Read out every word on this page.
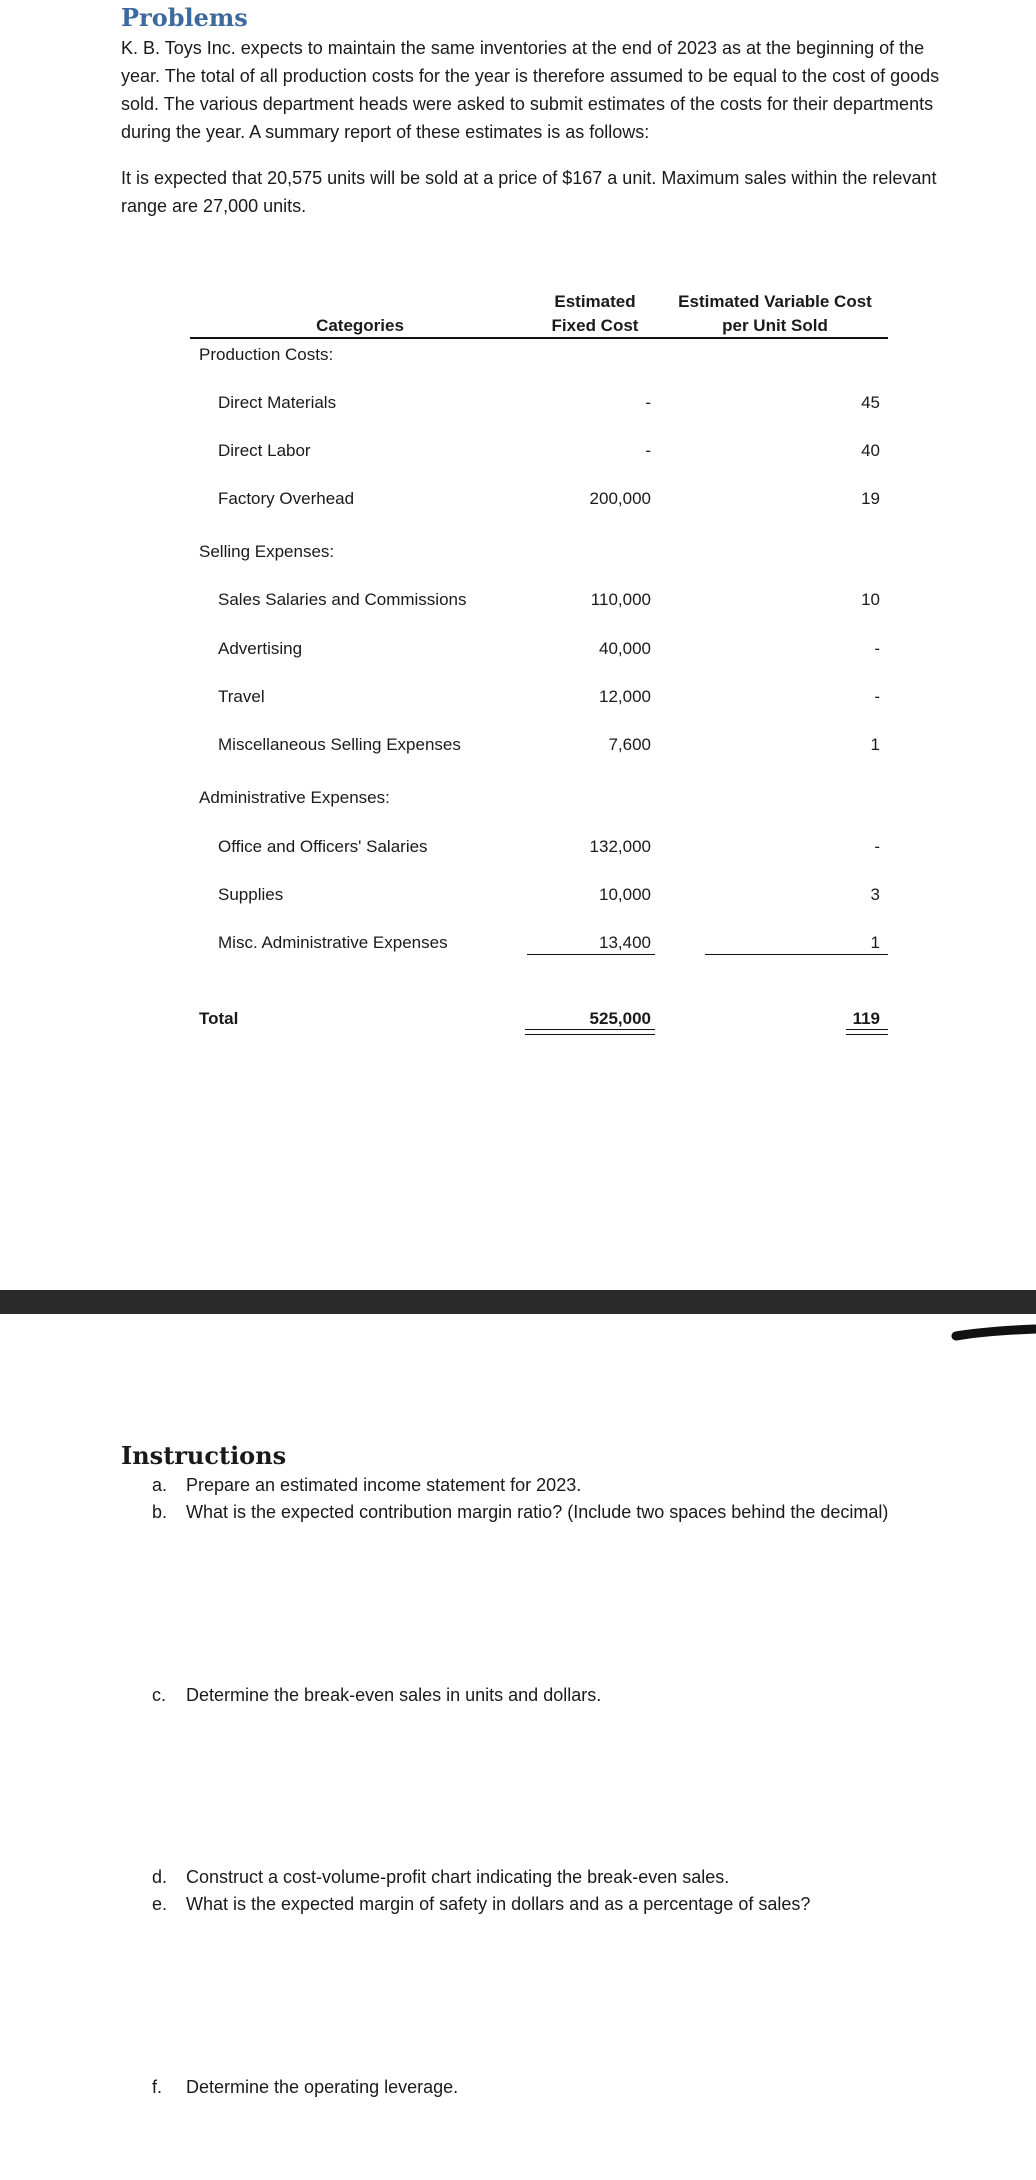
Problems

K. B. Toys Inc. expects to maintain the same inventories at the end of 2023 as at the beginning of the year. The total of all production costs for the year is therefore assumed to be equal to the cost of goods sold. The various department heads were asked to submit estimates of the costs for their departments during the year. A summary report of these estimates is as follows:

It is expected that 20,575 units will be sold at a price of $167 a unit. Maximum sales within the relevant range are 27,000 units.

Categories
Estimated Fixed Cost
Estimated Variable Cost per Unit Sold
Production Costs:
Direct Materials	-	45
Direct Labor	-	40
Factory Overhead	200,000	19
Selling Expenses:
Sales Salaries and Commissions	110,000	10
Advertising	40,000	-
Travel	12,000	-
Miscellaneous Selling Expenses	7,600	1
Administrative Expenses:
Office and Officers' Salaries	132,000	-
Supplies	10,000	3
Misc. Administrative Expenses	13,400	1
Total	525,000	119
Instructions
a. Prepare an estimated income statement for 2023.
b. What is the expected contribution margin ratio? (Include two spaces behind the decimal)
c. Determine the break-even sales in units and dollars.
d. Construct a cost-volume-profit chart indicating the break-even sales.
e. What is the expected margin of safety in dollars and as a percentage of sales?
f. Determine the operating leverage.
